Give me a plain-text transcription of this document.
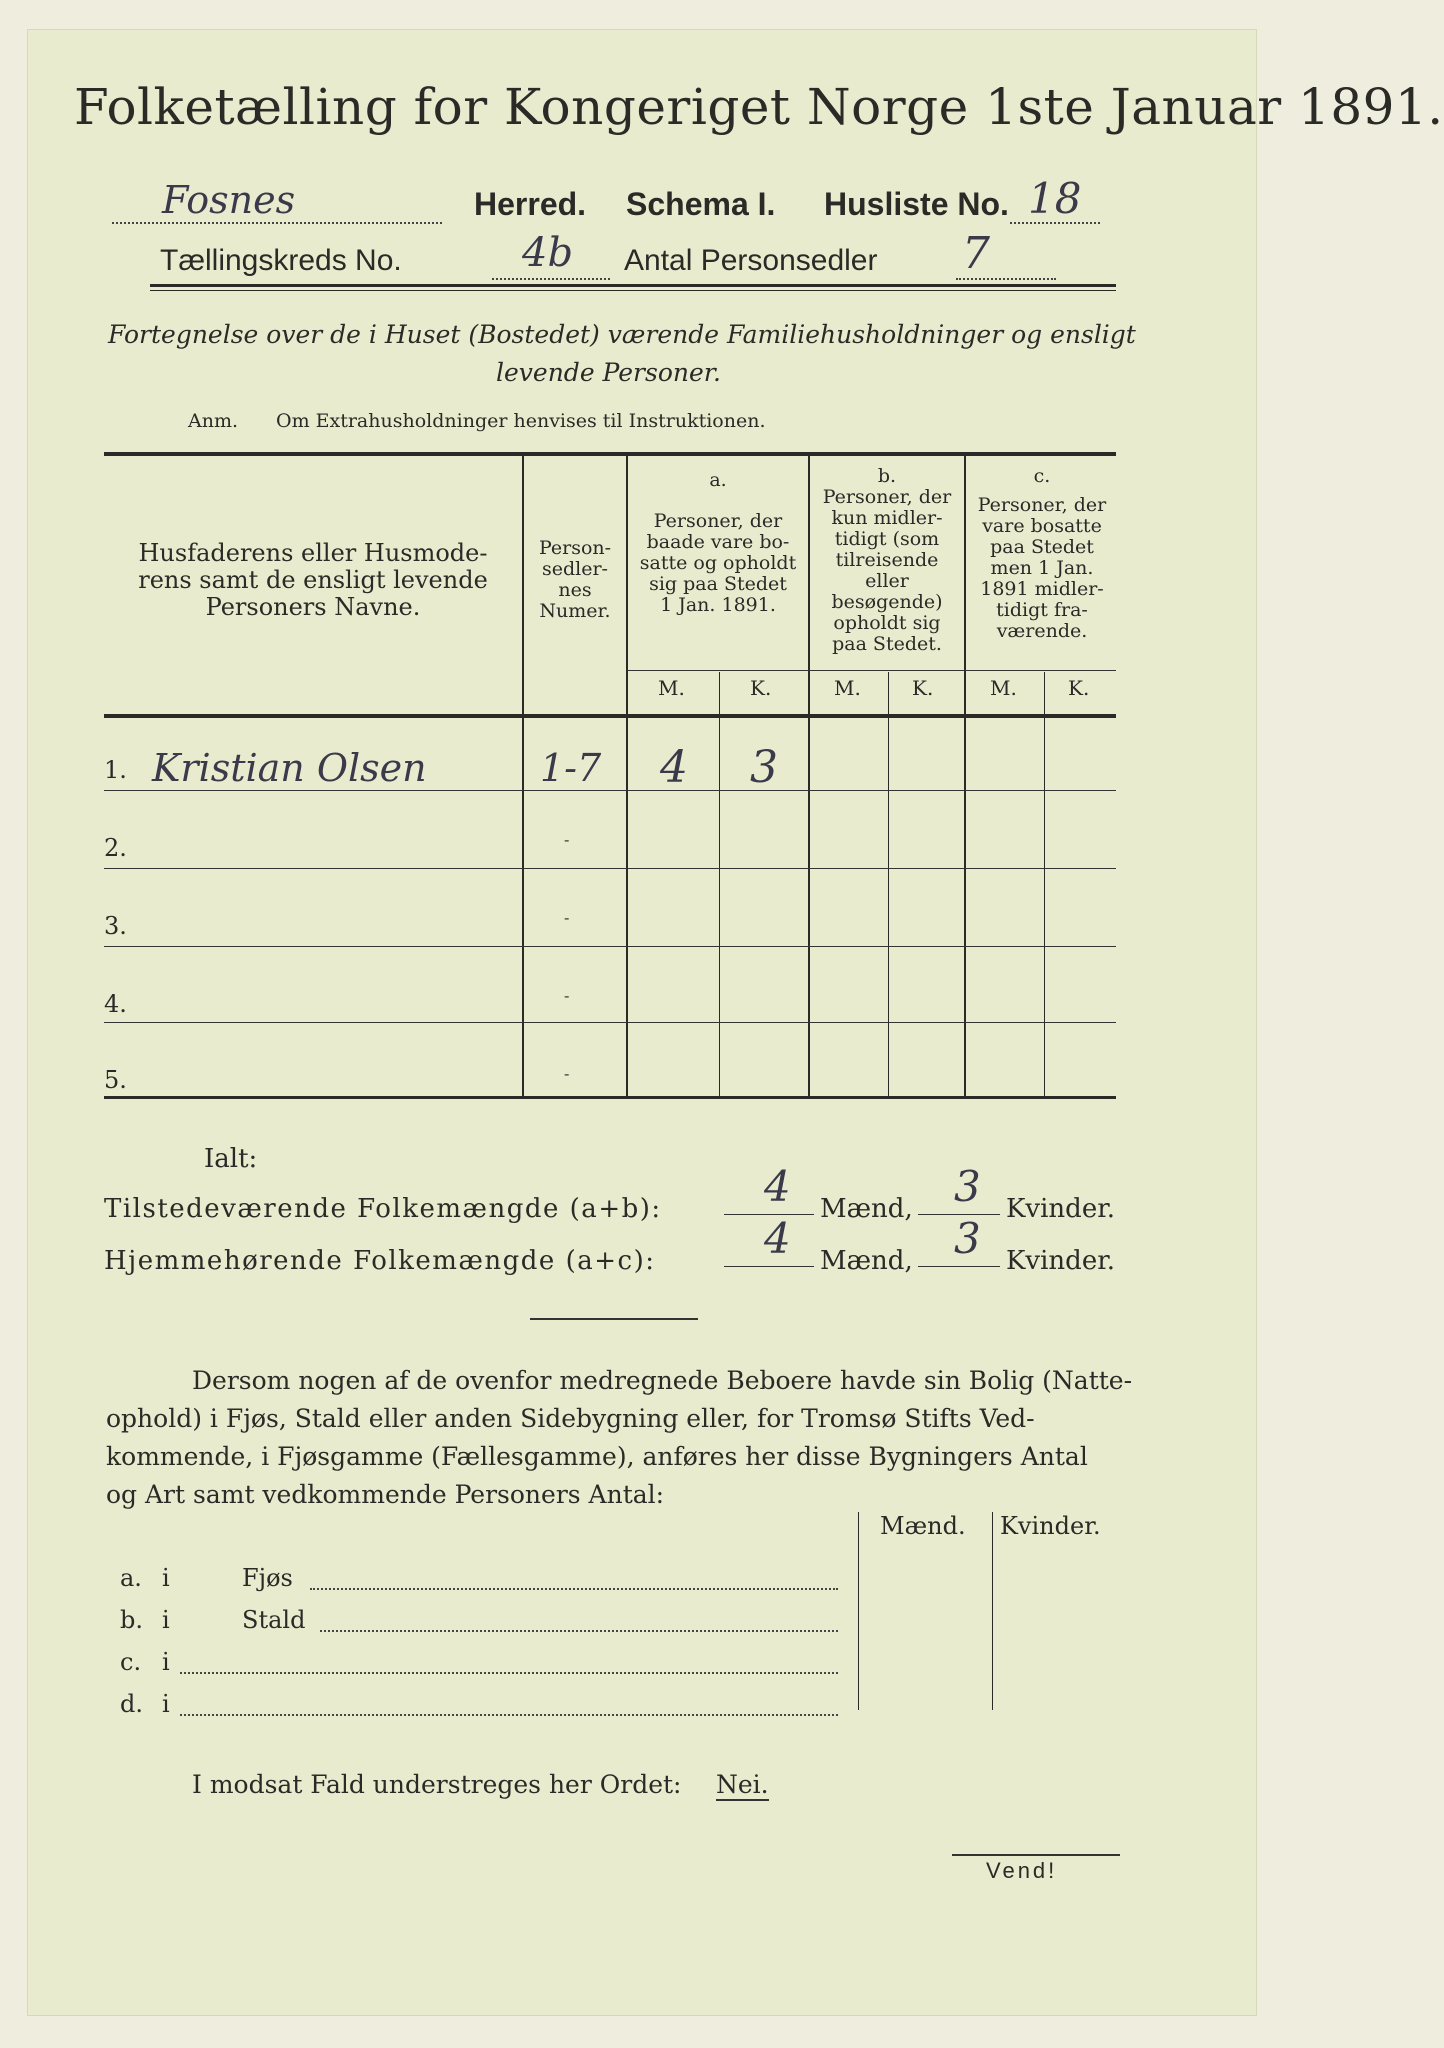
Folketælling for Kongeriget Norge 1ste Januar 1891.
Fosnes	Herred. Schema I. Husliste No. 18
Tællingskreds No.	4b Antal Personsedler 7
Fortegnelse over de i Huset (Bostedet) værende Familiehusholdninger og ensligt
levende Personer.
Anm. Om Extrahusholdninger henvises til Instruktionen.
Husfaderens eller Husmode-
rens samt de ensligt levende
Personers Navne.
Person-
sedler-
nes
Numer.
a.
Personer, der
baade vare bo-
satte og opholdt
sig paa Stedet
1 Jan. 1891.
b.
Personer, der
kun midler-
tidigt (som
tilreisende
eller
besøgende)
opholdt sig
paa Stedet.
c.
Personer, der
vare bosatte
paa Stedet
men 1 Jan.
1891 midler-
tidigt fra-
værende.
M.	K.	M.	K.	M.	K.
1. Kristian Olsen	1-7 4 3
2.	-
3.	-
4.	-
5.	-
Ialt:
Tilstedeværende Folkemængde (a+b): 4 Mænd, 3 Kvinder.
Hjemmehørende Folkemængde (a+c):	4 Mænd, 3 Kvinder.
Dersom nogen af de ovenfor medregnede Beboere havde sin Bolig (Natte-
ophold) i Fjøs, Stald eller anden Sidebygning eller, for Tromsø Stifts Ved-
kommende, i Fjøsgamme (Fællesgamme), anføres her disse Bygningers Antal
og Art samt vedkommende Personers Antal:
Mænd. Kvinder.
a. i	Fjøs
b. i	Stald
c. i
d. i
I modsat Fald understreges her Ordet: Nei.
Vend!
